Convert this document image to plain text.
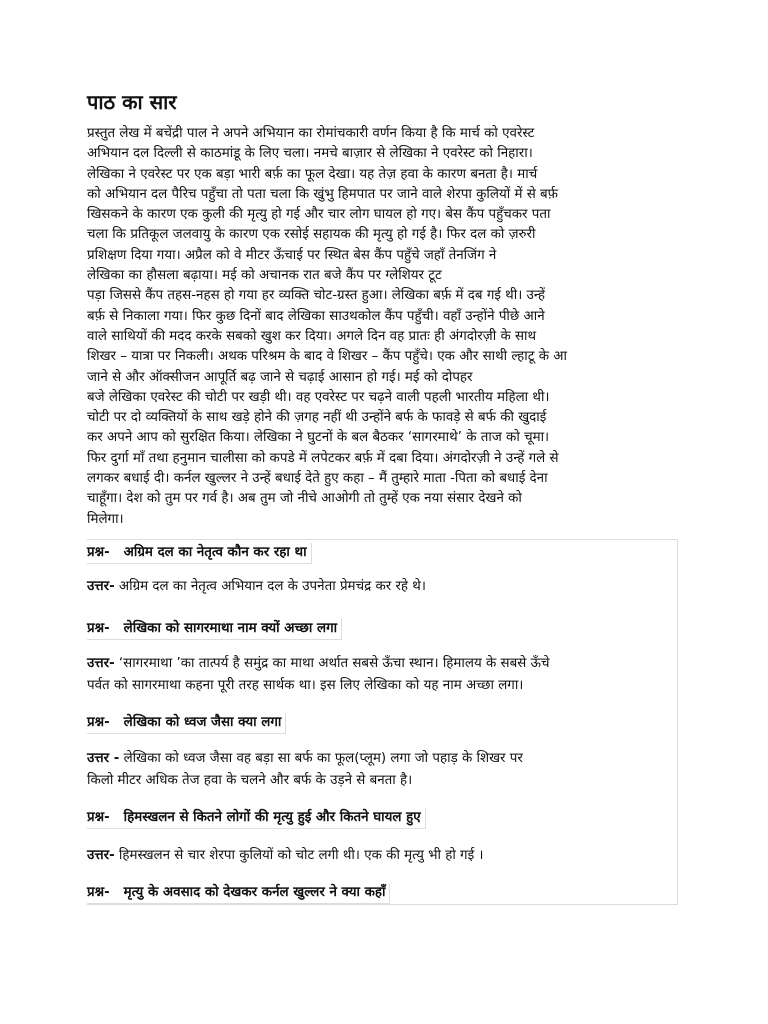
पाठ का सार
प्रस्तुत लेख में बचेंद्री पाल ने अपने अभियान का रोमांचकारी वर्णन किया है कि मार्च को एवरेस्ट
अभियान दल दिल्ली से काठमांडू के लिए चला। नमचे बाज़ार से लेखिका ने एवरेस्ट को निहारा।
लेखिका ने एवरेस्ट पर एक बड़ा भारी बर्फ़ का फूल देखा। यह तेज़ हवा के कारण बनता है। मार्च
को अभियान दल पैरिच पहुँचा तो पता चला कि खुंभु हिमपात पर जाने वाले शेरपा कुलियों में से बर्फ़
खिसकने के कारण एक कुली की मृत्यु हो गई और चार लोग घायल हो गए। बेस कैंप पहुँचकर पता
चला कि प्रतिकूल जलवायु के कारण एक रसोई सहायक की मृत्यु हो गई है। फिर दल को ज़रुरी
प्रशिक्षण दिया गया। अप्रैल को वे मीटर ऊँचाई पर स्थित बेस कैंप पहुँचे जहाँ तेनजिंग ने
लेखिका का हौसला बढ़ाया। मई को अचानक रात बजे कैंप पर ग्लेशियर टूट
पड़ा जिससे कैंप तहस-नहस हो गया हर व्यक्ति चोट-ग्रस्त हुआ। लेखिका बर्फ़ में दब गई थी। उन्हें
बर्फ़ से निकाला गया। फिर कुछ दिनों बाद लेखिका साउथकोल कैंप पहुँची। वहाँ उन्होंने पीछे आने
वाले साथियों की मदद करके सबको खुश कर दिया। अगले दिन वह प्रातः ही अंगदोरज़ी के साथ
शिखर – यात्रा पर निकली। अथक परिश्रम के बाद वे शिखर – कैंप पहुँचे। एक और साथी ल्हाटू के आ
जाने से और ऑक्सीजन आपूर्ति बढ़ जाने से चढ़ाई आसान हो गई। मई को दोपहर
बजे लेखिका एवरेस्ट की चोटी पर खड़ी थी। वह एवरेस्ट पर चढ़ने वाली पहली भारतीय महिला थी।
चोटी पर दो व्यक्तियों के साथ खड़े होने की ज़गह नहीं थी उन्होंने बर्फ के फावड़े से बर्फ की खुदाई
कर अपने आप को सुरक्षित किया। लेखिका ने घुटनों के बल बैठकर ‘सागरमाथे’ के ताज को चूमा।
फिर दुर्गा माँ तथा हनुमान चालीसा को कपडे में लपेटकर बर्फ़ में दबा दिया। अंगदोरज़ी ने उन्हें गले से
लगकर बधाई दी। कर्नल खुल्लर ने उन्हें बधाई देते हुए कहा – मैं तुम्हारे माता -पिता को बधाई देना
चाहूँगा। देश को तुम पर गर्व है। अब तुम जो नीचे आओगी तो तुम्हें एक नया संसार देखने को
मिलेगा।
प्रश्न- अग्रिम दल का नेतृत्व कौन कर रहा था
उत्तर- अग्रिम दल का नेतृत्व अभियान दल के उपनेता प्रेमचंद्र कर रहे थे।
प्रश्न- लेखिका को सागरमाथा नाम क्यों अच्छा लगा
उत्तर- ‘सागरमाथा ’का तात्पर्य है समुंद्र का माथा अर्थात सबसे ऊँचा स्थान। हिमालय के सबसे ऊँचे
पर्वत को सागरमाथा कहना पूरी तरह सार्थक था। इस लिए लेखिका को यह नाम अच्छा लगा।
प्रश्न- लेखिका को ध्वज जैसा क्या लगा
उत्तर - लेखिका को ध्वज जैसा वह बड़ा सा बर्फ का फूल(प्लूम) लगा जो पहाड़ के शिखर पर
किलो मीटर अधिक तेज हवा के चलने और बर्फ के उड़ने से बनता है।
प्रश्न- हिमस्खलन से कितने लोगों की मृत्यु हुई और कितने घायल हुए
उत्तर- हिमस्खलन से चार शेरपा कुलियों को चोट लगी थी। एक की मृत्यु भी हो गई ।
प्रश्न- मृत्यु के अवसाद को देखकर कर्नल खुल्लर ने क्या कहाँ
